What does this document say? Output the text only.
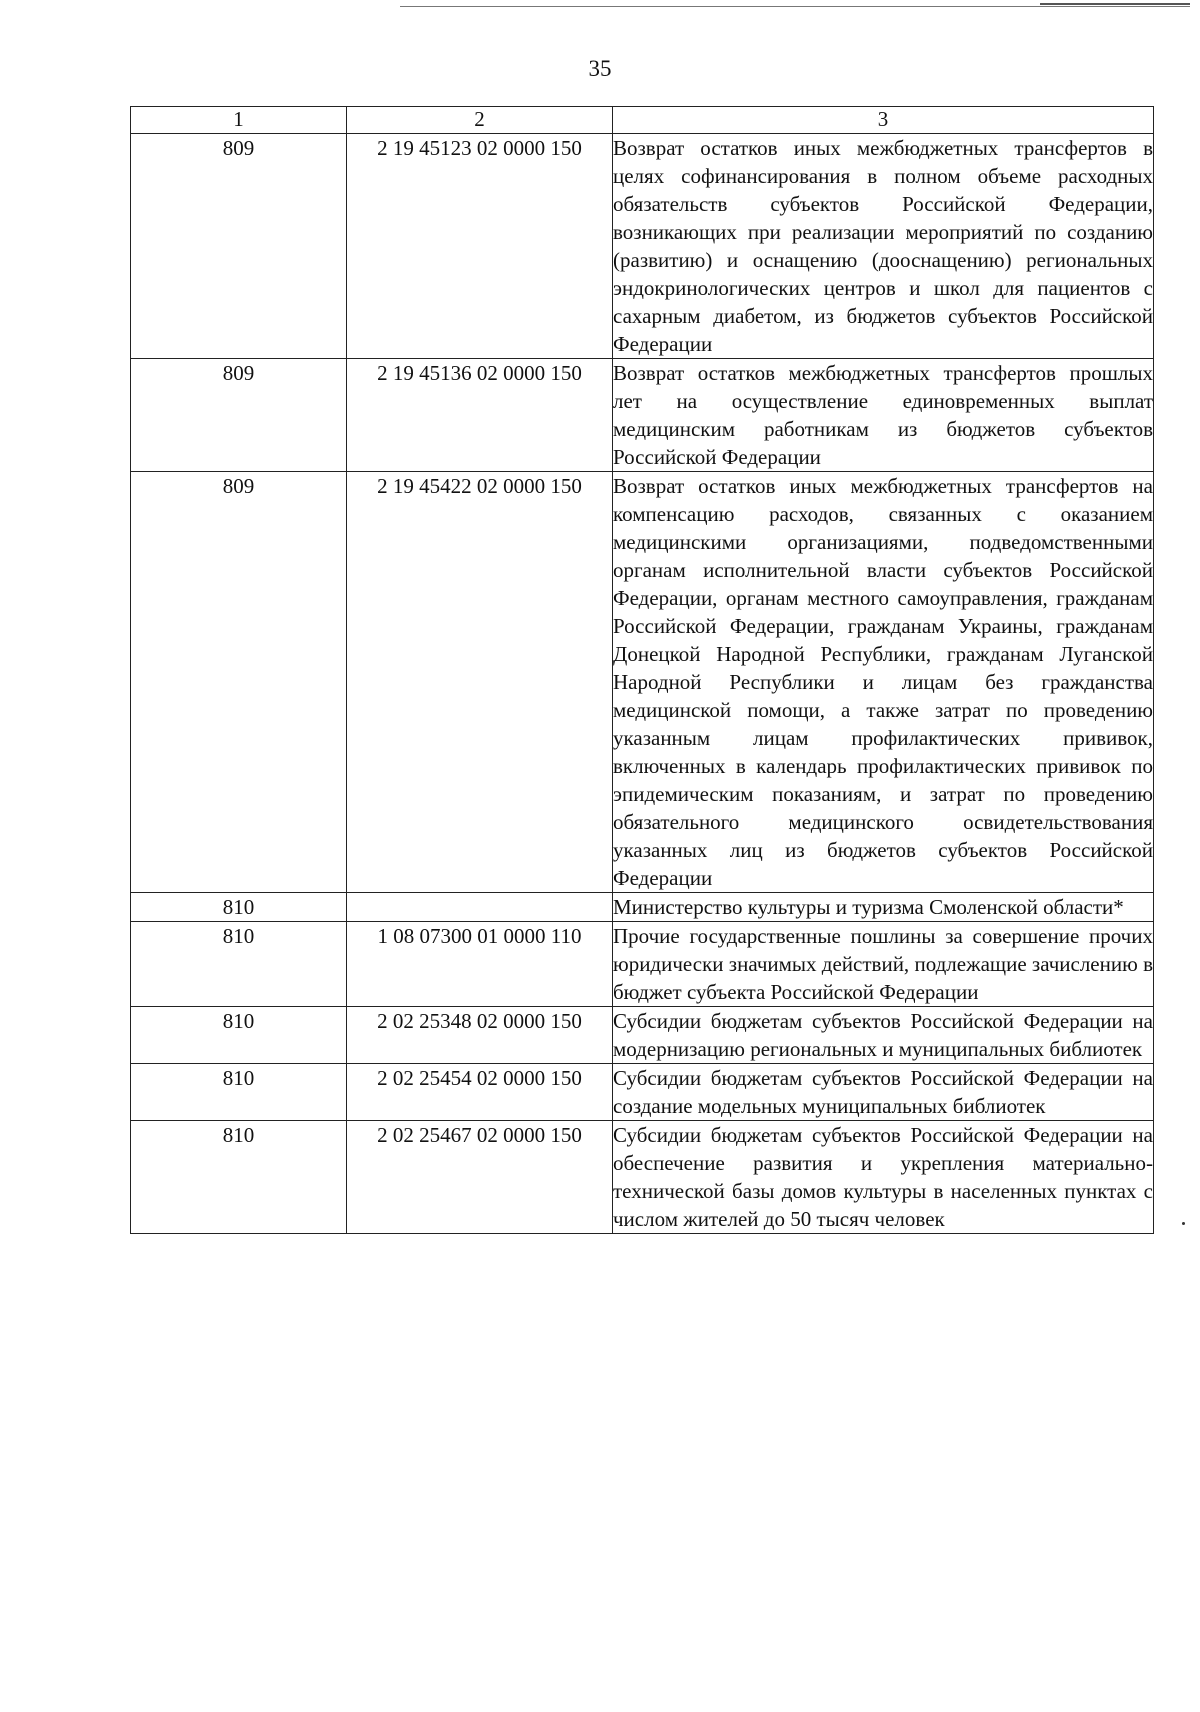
35
1	2	3
809	2 19 45123 02 0000 150	Возврат остатков иных межбюджетных трансфертов в целях софинансирования в полном объеме расходных обязательств субъектов Российской Федерации, возникающих при реализации мероприятий по созданию (развитию) и оснащению (дооснащению) региональных эндокринологических центров и школ для пациентов с сахарным диабетом, из бюджетов субъектов Российской Федерации
809	2 19 45136 02 0000 150	Возврат остатков межбюджетных трансфертов прошлых лет на осуществление единовременных выплат медицинским работникам из бюджетов субъектов Российской Федерации
809	2 19 45422 02 0000 150	Возврат остатков иных межбюджетных трансфертов на компенсацию расходов, связанных с оказанием медицинскими организациями, подведомственными органам исполнительной власти субъектов Российской Федерации, органам местного самоуправления, гражданам Российской Федерации, гражданам Украины, гражданам Донецкой Народной Республики, гражданам Луганской Народной Республики и лицам без гражданства медицинской помощи, а также затрат по проведению указанным лицам профилактических прививок, включенных в календарь профилактических прививок по эпидемическим показаниям, и затрат по проведению обязательного медицинского освидетельствования указанных лиц из бюджетов субъектов Российской Федерации
810		Министерство культуры и туризма Смоленской области*
810	1 08 07300 01 0000 110	Прочие государственные пошлины за совершение прочих юридически значимых действий, подлежащие зачислению в бюджет субъекта Российской Федерации
810	2 02 25348 02 0000 150	Субсидии бюджетам субъектов Российской Федерации на модернизацию региональных и муниципальных библиотек
810	2 02 25454 02 0000 150	Субсидии бюджетам субъектов Российской Федерации на создание модельных муниципальных библиотек
810	2 02 25467 02 0000 150	Субсидии бюджетам субъектов Российской Федерации на обеспечение развития и укрепления материально-технической базы домов культуры в населенных пунктах с числом жителей до 50 тысяч человек
